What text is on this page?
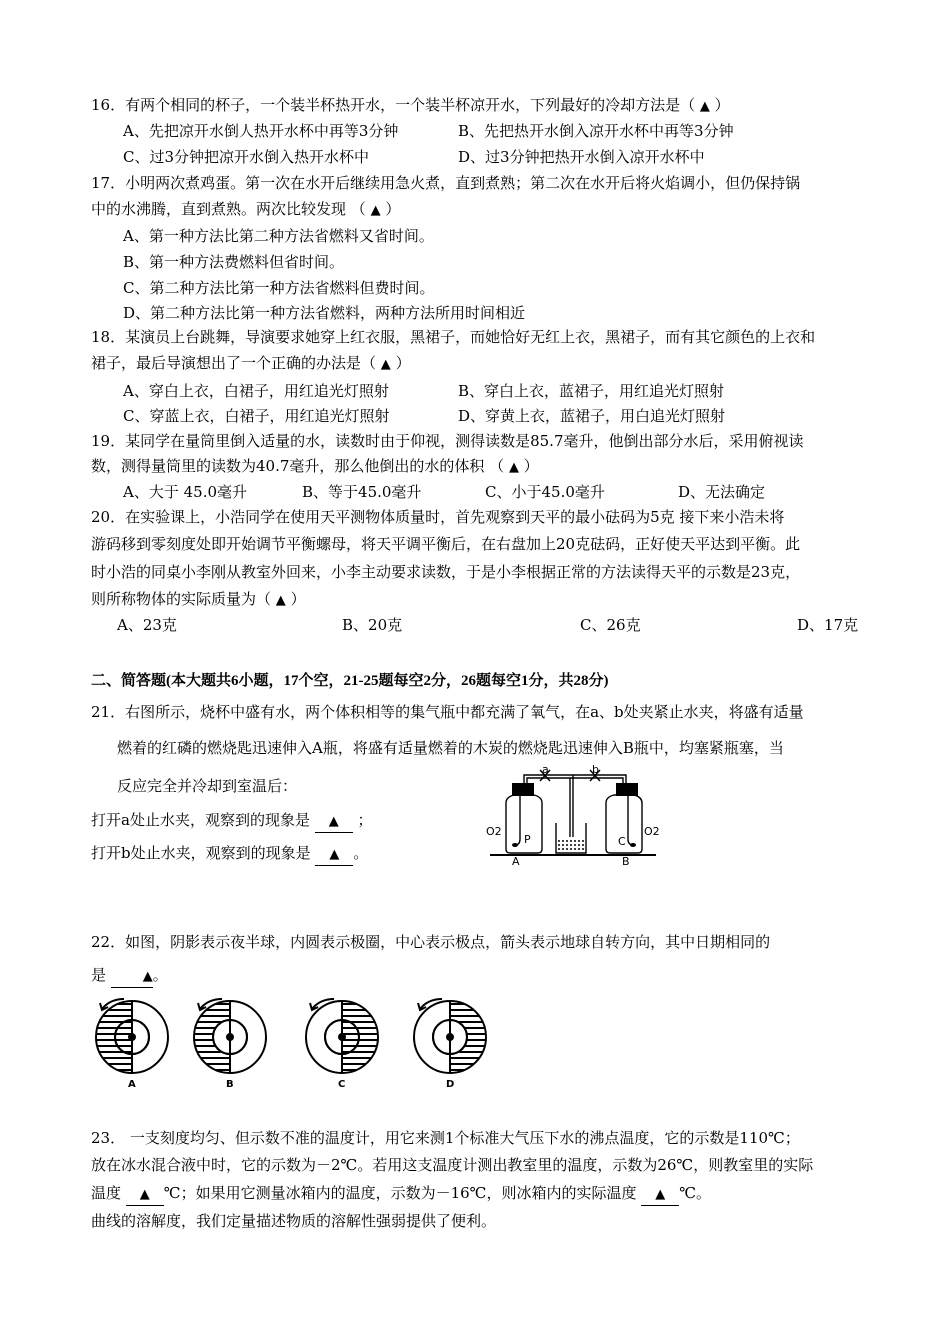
16．有两个相同的杯子，一个装半杯热开水，一个装半杯凉开水，下列最好的冷却方法是（ ▲ ）
A、先把凉开水倒人热开水杯中再等3分钟	B、先把热开水倒入凉开水杯中再等3分钟
C、过3分钟把凉开水倒入热开水杯中	D、过3分钟把热开水倒入凉开水杯中
17．小明两次煮鸡蛋。第一次在水开后继续用急火煮，直到煮熟；第二次在水开后将火焰调小，但仍保持锅
中的水沸腾，直到煮熟。两次比较发现 （ ▲ ）
A、第一种方法比第二种方法省燃料又省时间。
B、第一种方法费燃料但省时间。
C、第二种方法比第一种方法省燃料但费时间。
D、第二种方法比第一种方法省燃料，两种方法所用时间相近
18．某演员上台跳舞，导演要求她穿上红衣服，黑裙子，而她恰好无红上衣，黑裙子，而有其它颜色的上衣和
裙子，最后导演想出了一个正确的办法是（ ▲ ）
A、穿白上衣，白裙子，用红追光灯照射	B、穿白上衣，蓝裙子，用红追光灯照射
C、穿蓝上衣，白裙子，用红追光灯照射	D、穿黄上衣，蓝裙子，用白追光灯照射
19．某同学在量筒里倒入适量的水，读数时由于仰视，测得读数是85.7毫升，他倒出部分水后，采用俯视读
数，测得量筒里的读数为40.7毫升，那么他倒出的水的体积 （ ▲ ）
A、大于 45.0毫升	B、等于45.0毫升	C、小于45.0毫升	D、无法确定
20．在实验课上，小浩同学在使用天平测物体质量时，首先观察到天平的最小砝码为5克 接下来小浩未将
游码移到零刻度处即开始调节平衡螺母，将天平调平衡后，在右盘加上20克砝码，正好使天平达到平衡。此
时小浩的同桌小李刚从教室外回来，小李主动要求读数，于是小李根据正常的方法读得天平的示数是23克，
则所称物体的实际质量为（ ▲ ）
A、23克	B、20克	C、26克	D、17克
二、简答题(本大题共6小题，17个空，21-25题每空2分，26题每空1分，共28分)
21．右图所示，烧杯中盛有水，两个体积相等的集气瓶中都充满了氧气，在a、b处夹紧止水夹，将盛有适量
燃着的红磷的燃烧匙迅速伸入A瓶，将盛有适量燃着的木炭的燃烧匙迅速伸入B瓶中，均塞紧瓶塞，当
反应完全并冷却到室温后：
打开a处止水夹，观察到的现象是 ▲ ；
打开b处止水夹，观察到的现象是 ▲ 。
a	b
O2	O2
P	C
A	B
22．如图，阴影表示夜半球，内圆表示极圈，中心表示极点，箭头表示地球自转方向，其中日期相同的
是	▲。
A	B	C	D
23． 一支刻度均匀、但示数不准的温度计，用它来测1个标准大气压下水的沸点温度，它的示数是110℃；
放在冰水混合液中时，它的示数为－2℃。若用这支温度计测出教室里的温度，示数为26℃，则教室里的实际
温度 ▲ ℃；如果用它测量冰箱内的温度，示数为－16℃，则冰箱内的实际温度 ▲ ℃。
曲线的溶解度，我们定量描述物质的溶解性强弱提供了便利。
